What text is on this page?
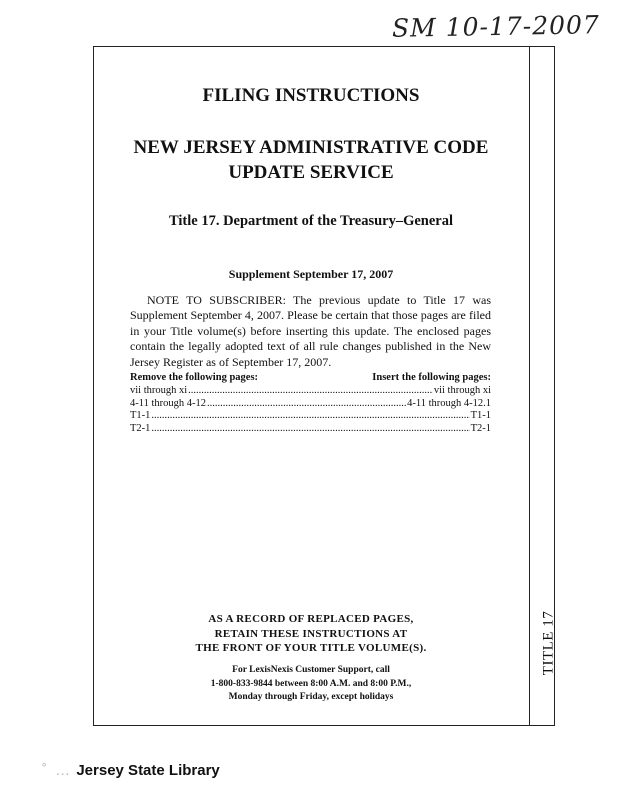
SM 10-17-2007
TITLE 17
FILING INSTRUCTIONS
NEW JERSEY ADMINISTRATIVE CODE
UPDATE SERVICE
Title 17. Department of the Treasury–General
Supplement September 17, 2007

NOTE TO SUBSCRIBER: The previous update to Title 17 was Supplement September 4, 2007. Please be certain that those pages are filed in your Title volume(s) before inserting this update. The enclosed pages contain the legally adopted text of all rule changes published in the New Jersey Register as of September 17, 2007.

Remove the following pages:	Insert the following pages:
vii through xi .....	vii through xi
4-11 through 4-12 .....	4-11 through 4-12.1
T1-1 .....	T1-1
T2-1 .....	T2-1
AS A RECORD OF REPLACED PAGES,
RETAIN THESE INSTRUCTIONS AT
THE FRONT OF YOUR TITLE VOLUME(S).
For LexisNexis Customer Support, call
1-800-833-9844 between 8:00 A.M. and 8:00 P.M.,
Monday through Friday, except holidays
˚ … Jersey State Library
